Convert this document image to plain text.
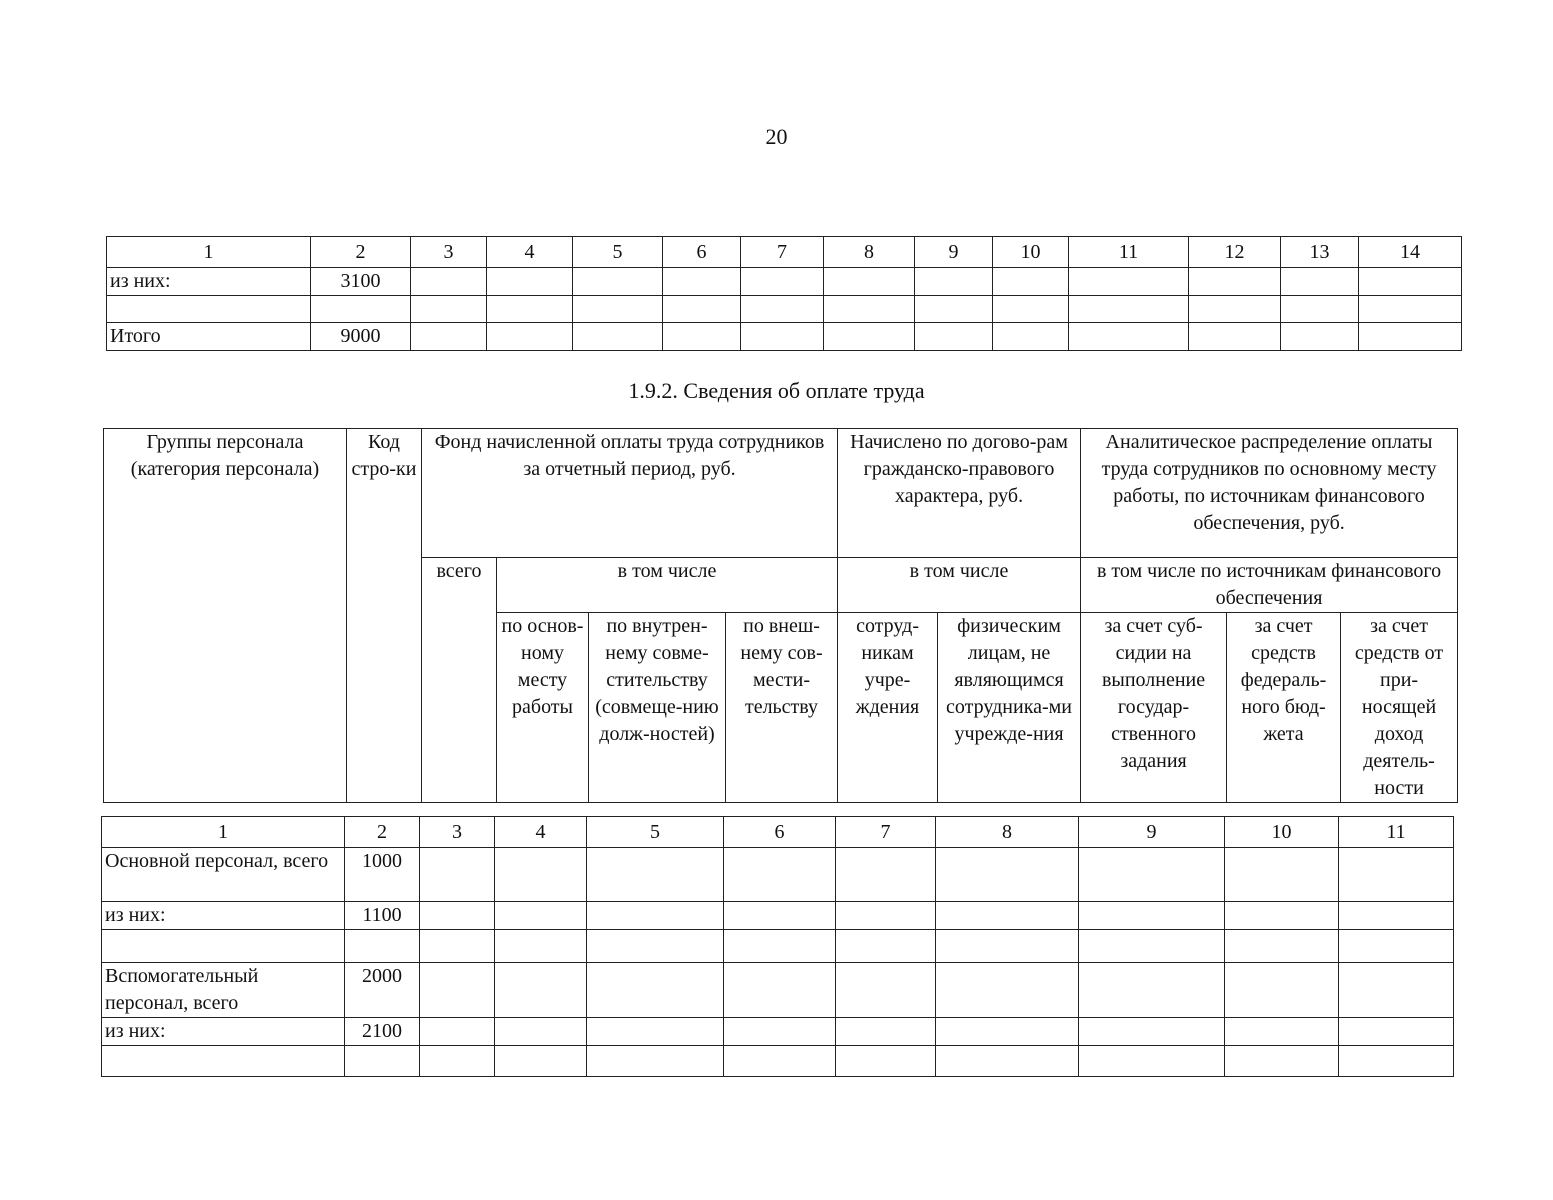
20
1	2	3	4	5	6	7	8	9	10	11	12	13	14
из них:	3100												

Итого	9000												
1.9.2. Сведения об оплате труда
Группы персонала (категория персонала)	Код стро-ки	Фонд начисленной оплаты труда сотрудников за отчетный период, руб.				Начислено по догово-рам гражданско-правового характера, руб.		Аналитическое распределение оплаты труда сотрудников по основному месту работы, по источникам финансового обеспечения, руб.		
		всего	в том числе			в том числе		в том числе по источникам финансового обеспечения		
			по основ-ному месту работы	по внутрен-нему совме-стительству (совмеще-нию долж-ностей)	по внеш-нему сов-мести-тельству	сотруд-никам учре-ждения	физическим лицам, не являющимся сотрудника-ми учрежде-ния	за счет суб-сидии на выполнение государ-ственного задания	за счет средств федераль-ного бюд-жета	за счет средств от при-носящей доход деятель-ности
1	2	3	4	5	6	7	8	9	10	11
Основной персонал, всего	1000									
из них:	1100									

Вспомогательный персонал, всего	2000									
из них:	2100									
